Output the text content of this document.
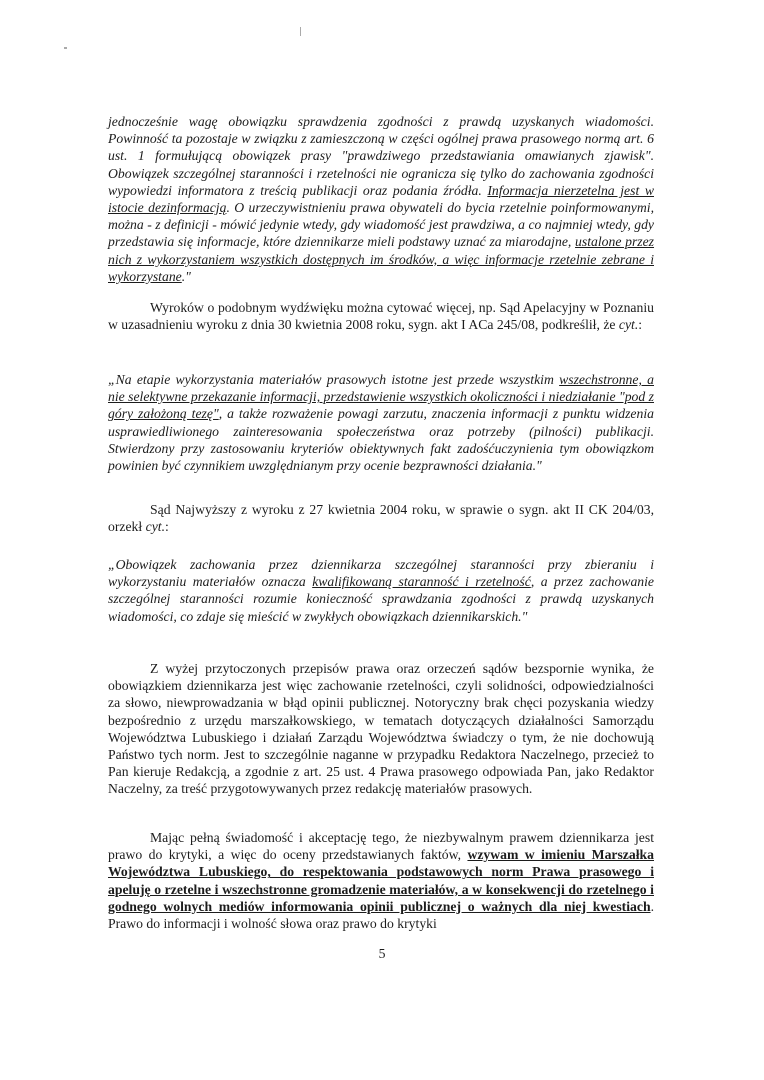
jednocześnie wagę obowiązku sprawdzenia zgodności z prawdą uzyskanych wiadomości. Powinność ta pozostaje w związku z zamieszczoną w części ogólnej prawa prasowego normą art. 6 ust. 1 formułującą obowiązek prasy "prawdziwego przedstawiania omawianych zjawisk". Obowiązek szczególnej staranności i rzetelności nie ogranicza się tylko do zachowania zgodności wypowiedzi informatora z treścią publikacji oraz podania źródła. Informacja nierzetelna jest w istocie dezinformacją. O urzeczywistnieniu prawa obywateli do bycia rzetelnie poinformowanymi, można - z definicji - mówić jedynie wtedy, gdy wiadomość jest prawdziwa, a co najmniej wtedy, gdy przedstawia się informacje, które dziennikarze mieli podstawy uznać za miarodajne, ustalone przez nich z wykorzystaniem wszystkich dostępnych im środków, a więc informacje rzetelnie zebrane i wykorzystane."
Wyroków o podobnym wydźwięku można cytować więcej, np. Sąd Apelacyjny w Poznaniu w uzasadnieniu wyroku z dnia 30 kwietnia 2008 roku, sygn. akt I ACa 245/08, podkreślił, że cyt.:
„Na etapie wykorzystania materiałów prasowych istotne jest przede wszystkim wszechstronne, a nie selektywne przekazanie informacji, przedstawienie wszystkich okoliczności i niedziałanie "pod z góry założoną tezę", a także rozważenie powagi zarzutu, znaczenia informacji z punktu widzenia usprawiedliwionego zainteresowania społeczeństwa oraz potrzeby (pilności) publikacji. Stwierdzony przy zastosowaniu kryteriów obiektywnych fakt zadośćuczynienia tym obowiązkom powinien być czynnikiem uwzględnianym przy ocenie bezprawności działania."
Sąd Najwyższy z wyroku z 27 kwietnia 2004 roku, w sprawie o sygn. akt II CK 204/03, orzekł cyt.:
„Obowiązek zachowania przez dziennikarza szczególnej staranności przy zbieraniu i wykorzystaniu materiałów oznacza kwalifikowaną staranność i rzetelność, a przez zachowanie szczególnej staranności rozumie konieczność sprawdzania zgodności z prawdą uzyskanych wiadomości, co zdaje się mieścić w zwykłych obowiązkach dziennikarskich."
Z wyżej przytoczonych przepisów prawa oraz orzeczeń sądów bezspornie wynika, że obowiązkiem dziennikarza jest więc zachowanie rzetelności, czyli solidności, odpowiedzialności za słowo, niewprowadzania w błąd opinii publicznej. Notoryczny brak chęci pozyskania wiedzy bezpośrednio z urzędu marszałkowskiego, w tematach dotyczących działalności Samorządu Województwa Lubuskiego i działań Zarządu Województwa świadczy o tym, że nie dochowują Państwo tych norm. Jest to szczególnie naganne w przypadku Redaktora Naczelnego, przecież to Pan kieruje Redakcją, a zgodnie z art. 25 ust. 4 Prawa prasowego odpowiada Pan, jako Redaktor Naczelny, za treść przygotowywanych przez redakcję materiałów prasowych.
Mając pełną świadomość i akceptację tego, że niezbywalnym prawem dziennikarza jest prawo do krytyki, a więc do oceny przedstawianych faktów, wzywam w imieniu Marszałka Województwa Lubuskiego, do respektowania podstawowych norm Prawa prasowego i apeluję o rzetelne i wszechstronne gromadzenie materiałów, a w konsekwencji do rzetelnego i godnego wolnych mediów informowania opinii publicznej o ważnych dla niej kwestiach. Prawo do informacji i wolność słowa oraz prawo do krytyki
5
